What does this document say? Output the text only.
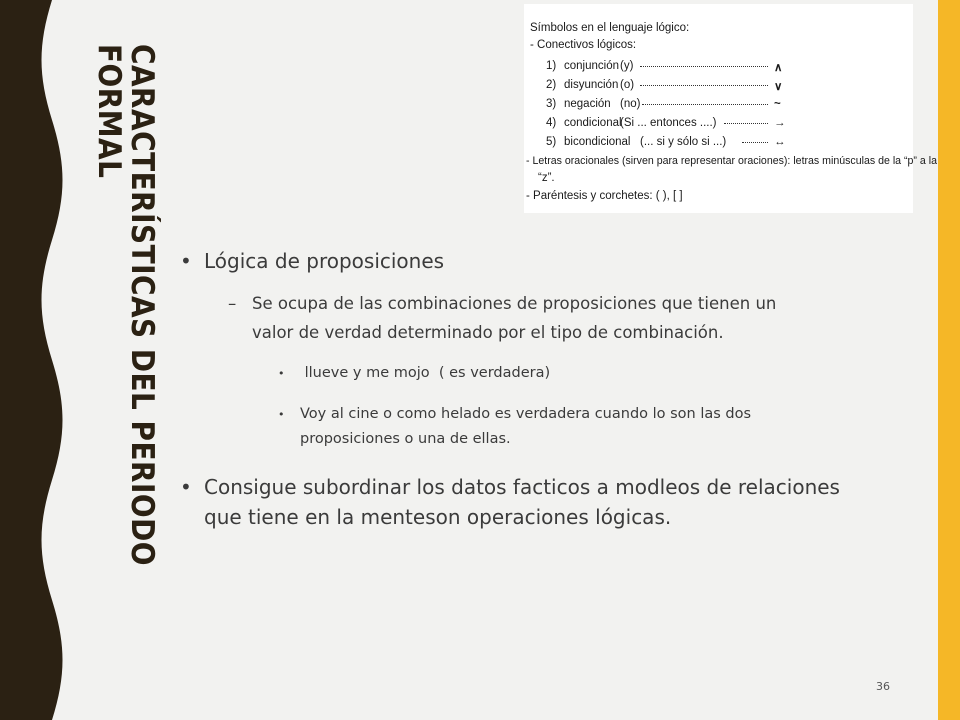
CARACTERÍSTICAS DEL PERIODO
FORMAL
Símbolos en el lenguaje lógico:
- Conectivos lógicos:
1) conjunción (y)	∧
2) disyunción (o)	∨
3) negación (no)	~
4) condicional
(Si ... entonces ....)	→
5) bicondicional (... si y sólo si ...)	↔
- Letras oracionales (sirven para representar oraciones): letras minúsculas de la “p” a la
“z”.
- Paréntesis y corchetes: ( ), [ ]
• Lógica de proposiciones
– Se ocupa de las combinaciones de proposiciones que tienen un
valor de verdad determinado por el tipo de combinación.
• llueve y me mojo  ( es verdadera)
• Voy al cine o como helado es verdadera cuando lo son las dos
proposiciones o una de ellas.
• Consigue subordinar los datos facticos a modleos de relaciones
que tiene en la menteson operaciones lógicas.
36
